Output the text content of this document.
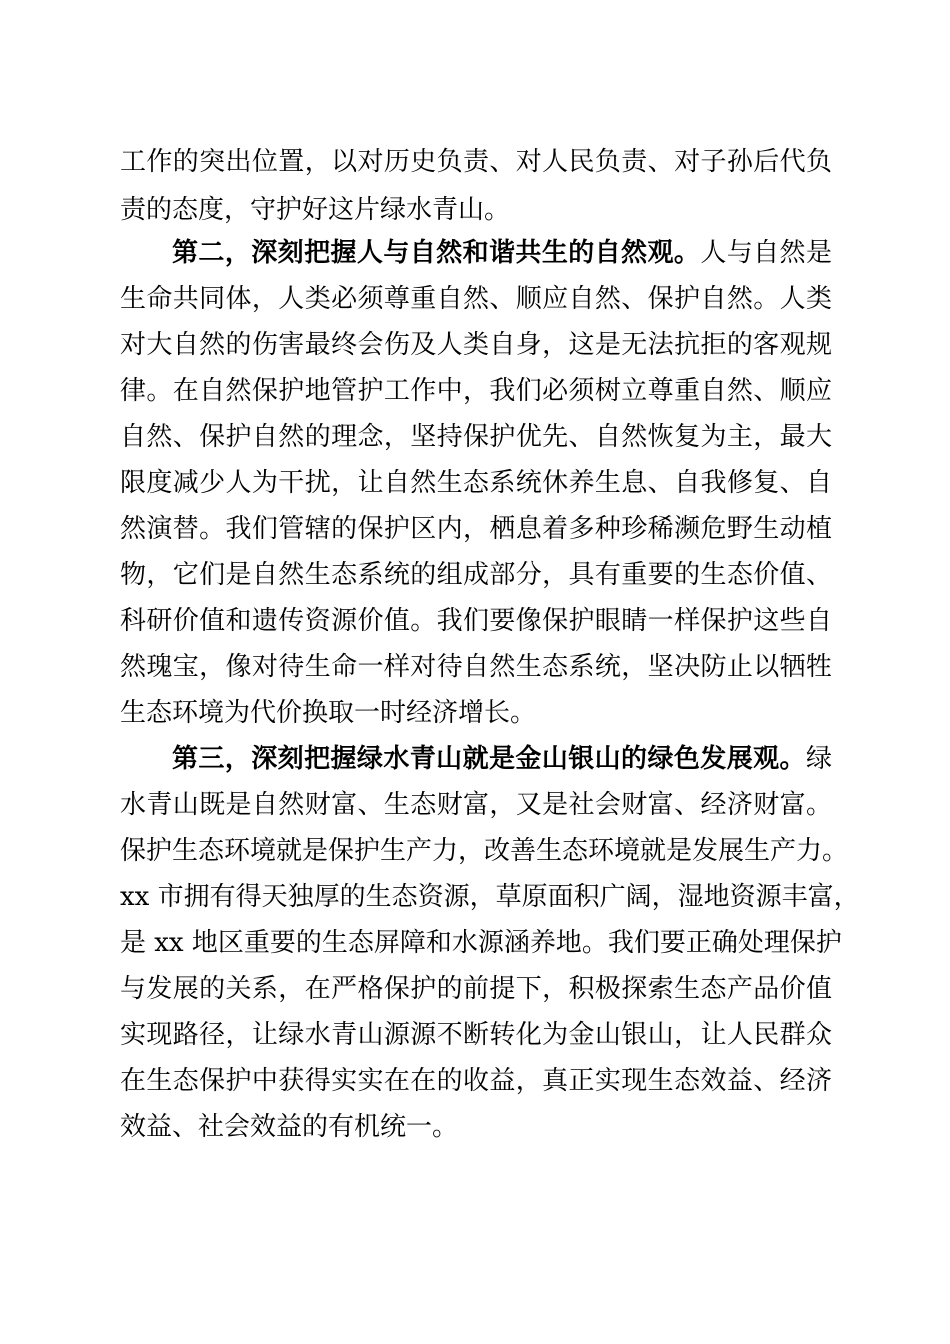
工作的突出位置，以对历史负责、对人民负责、对子孙后代负
责的态度，守护好这片绿水青山。
第二，深刻把握人与自然和谐共生的自然观。人与自然是
生命共同体，人类必须尊重自然、顺应自然、保护自然。人类
对大自然的伤害最终会伤及人类自身，这是无法抗拒的客观规
律。在自然保护地管护工作中，我们必须树立尊重自然、顺应
自然、保护自然的理念，坚持保护优先、自然恢复为主，最大
限度减少人为干扰，让自然生态系统休养生息、自我修复、自
然演替。我们管辖的保护区内，栖息着多种珍稀濒危野生动植
物，它们是自然生态系统的组成部分，具有重要的生态价值、
科研价值和遗传资源价值。我们要像保护眼睛一样保护这些自
然瑰宝，像对待生命一样对待自然生态系统，坚决防止以牺牲
生态环境为代价换取一时经济增长。
第三，深刻把握绿水青山就是金山银山的绿色发展观。绿
水青山既是自然财富、生态财富，又是社会财富、经济财富。
保护生态环境就是保护生产力，改善生态环境就是发展生产力。
xx 市拥有得天独厚的生态资源，草原面积广阔，湿地资源丰富，
是 xx 地区重要的生态屏障和水源涵养地。我们要正确处理保护
与发展的关系，在严格保护的前提下，积极探索生态产品价值
实现路径，让绿水青山源源不断转化为金山银山，让人民群众
在生态保护中获得实实在在的收益，真正实现生态效益、经济
效益、社会效益的有机统一。
